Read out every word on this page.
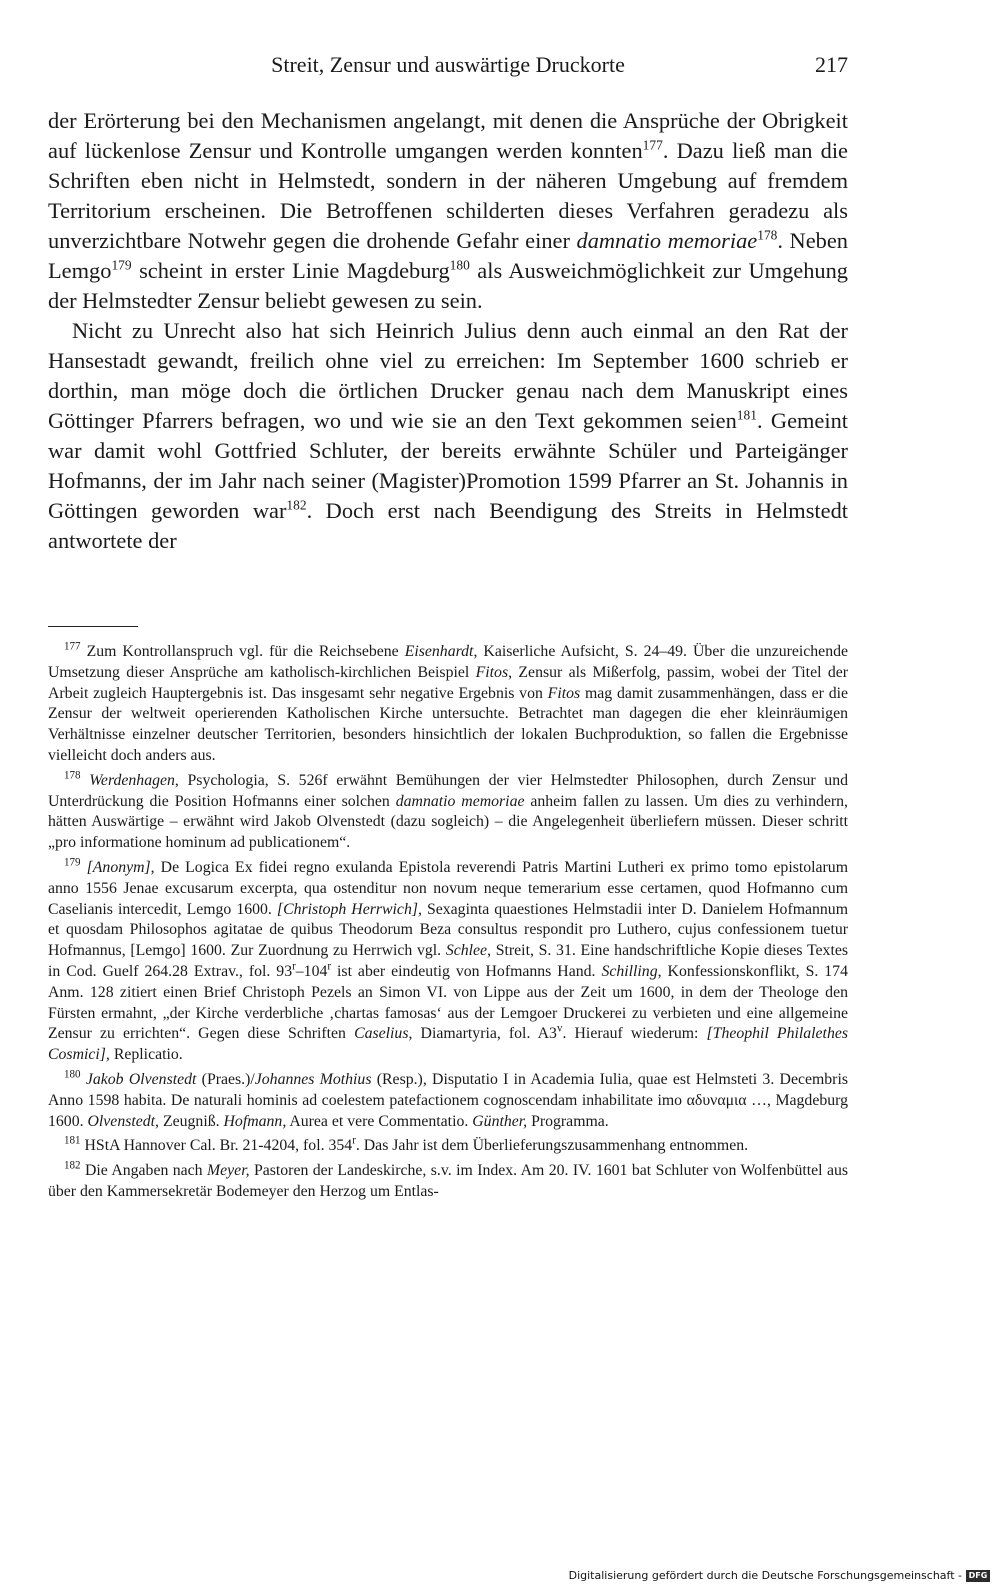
Streit, Zensur und auswärtige Druckorte	217

der Erörterung bei den Mechanismen angelangt, mit denen die Ansprüche der Obrigkeit auf lückenlose Zensur und Kontrolle umgangen werden konnten$^{177}$. Dazu ließ man die Schriften eben nicht in Helmstedt, sondern in der näheren Umgebung auf fremdem Territorium erscheinen. Die Betroffenen schilderten dieses Verfahren geradezu als unverzichtbare Notwehr gegen die drohende Gefahr einer damnatio memoriae$^{178}$. Neben Lemgo$^{179}$ scheint in erster Linie Magdeburg$^{180}$ als Ausweichmöglichkeit zur Umgehung der Helmstedter Zensur beliebt gewesen zu sein.

Nicht zu Unrecht also hat sich Heinrich Julius denn auch einmal an den Rat der Hansestadt gewandt, freilich ohne viel zu erreichen: Im September 1600 schrieb er dorthin, man möge doch die örtlichen Drucker genau nach dem Manuskript eines Göttinger Pfarrers befragen, wo und wie sie an den Text gekommen seien$^{181}$. Gemeint war damit wohl Gottfried Schluter, der bereits erwähnte Schüler und Parteigänger Hofmanns, der im Jahr nach seiner (Magister)Promotion 1599 Pfarrer an St. Johannis in Göttingen geworden war$^{182}$. Doch erst nach Beendigung des Streits in Helmstedt antwortete der

$^{177}$ Zum Kontrollanspruch vgl. für die Reichsebene Eisenhardt, Kaiserliche Aufsicht, S. 24–49. Über die unzureichende Umsetzung dieser Ansprüche am katholisch-kirchlichen Beispiel Fitos, Zensur als Mißerfolg, passim, wobei der Titel der Arbeit zugleich Hauptergebnis ist. Das insgesamt sehr negative Ergebnis von Fitos mag damit zusammenhängen, dass er die Zensur der weltweit operierenden Katholischen Kirche untersuchte. Betrachtet man dagegen die eher kleinräumigen Verhältnisse einzelner deutscher Territorien, besonders hinsichtlich der lokalen Buchproduktion, so fallen die Ergebnisse vielleicht doch anders aus.

$^{178}$ Werdenhagen, Psychologia, S. 526f erwähnt Bemühungen der vier Helmstedter Philosophen, durch Zensur und Unterdrückung die Position Hofmanns einer solchen damnatio memoriae anheim fallen zu lassen. Um dies zu verhindern, hätten Auswärtige – erwähnt wird Jakob Olvenstedt (dazu sogleich) – die Angelegenheit überliefern müssen. Dieser schritt „pro informatione hominum ad publicationem“.

$^{179}$ [Anonym], De Logica Ex fidei regno exulanda Epistola reverendi Patris Martini Lutheri ex primo tomo epistolarum anno 1556 Jenae excusarum excerpta, qua ostenditur non novum neque temerarium esse certamen, quod Hofmanno cum Caselianis intercedit, Lemgo 1600. [Christoph Herrwich], Sexaginta quaestiones Helmstadii inter D. Danielem Hofmannum et quosdam Philosophos agitatae de quibus Theodorum Beza consultus respondit pro Luthero, cujus confessionem tuetur Hofmannus, [Lemgo] 1600. Zur Zuordnung zu Herrwich vgl. Schlee, Streit, S. 31. Eine handschriftliche Kopie dieses Textes in Cod. Guelf 264.28 Extrav., fol. 93$^r$–104$^r$ ist aber eindeutig von Hofmanns Hand. Schilling, Konfessionskonflikt, S. 174 Anm. 128 zitiert einen Brief Christoph Pezels an Simon VI. von Lippe aus der Zeit um 1600, in dem der Theologe den Fürsten ermahnt, „der Kirche verderbliche ‚chartas famosas‘ aus der Lemgoer Druckerei zu verbieten und eine allgemeine Zensur zu errichten“. Gegen diese Schriften Caselius, Diamartyria, fol. A3$^v$. Hierauf wiederum: [Theophil Philalethes Cosmici], Replicatio.

$^{180}$ Jakob Olvenstedt (Praes.)/Johannes Mothius (Resp.), Disputatio I in Academia Iulia, quae est Helmsteti 3. Decembris Anno 1598 habita. De naturali hominis ad coelestem patefactionem cognoscendam inhabilitate imo αδυναμια …, Magdeburg 1600. Olvenstedt, Zeugniß. Hofmann, Aurea et vere Commentatio. Günther, Programma.

$^{181}$ HStA Hannover Cal. Br. 21-4204, fol. 354$^r$. Das Jahr ist dem Überlieferungszusammenhang entnommen.

$^{182}$ Die Angaben nach Meyer, Pastoren der Landeskirche, s.v. im Index. Am 20. IV. 1601 bat Schluter von Wolfenbüttel aus über den Kammersekretär Bodemeyer den Herzog um Entlas-

Digitalisierung gefördert durch die Deutsche Forschungsgemeinschaft - DFG
